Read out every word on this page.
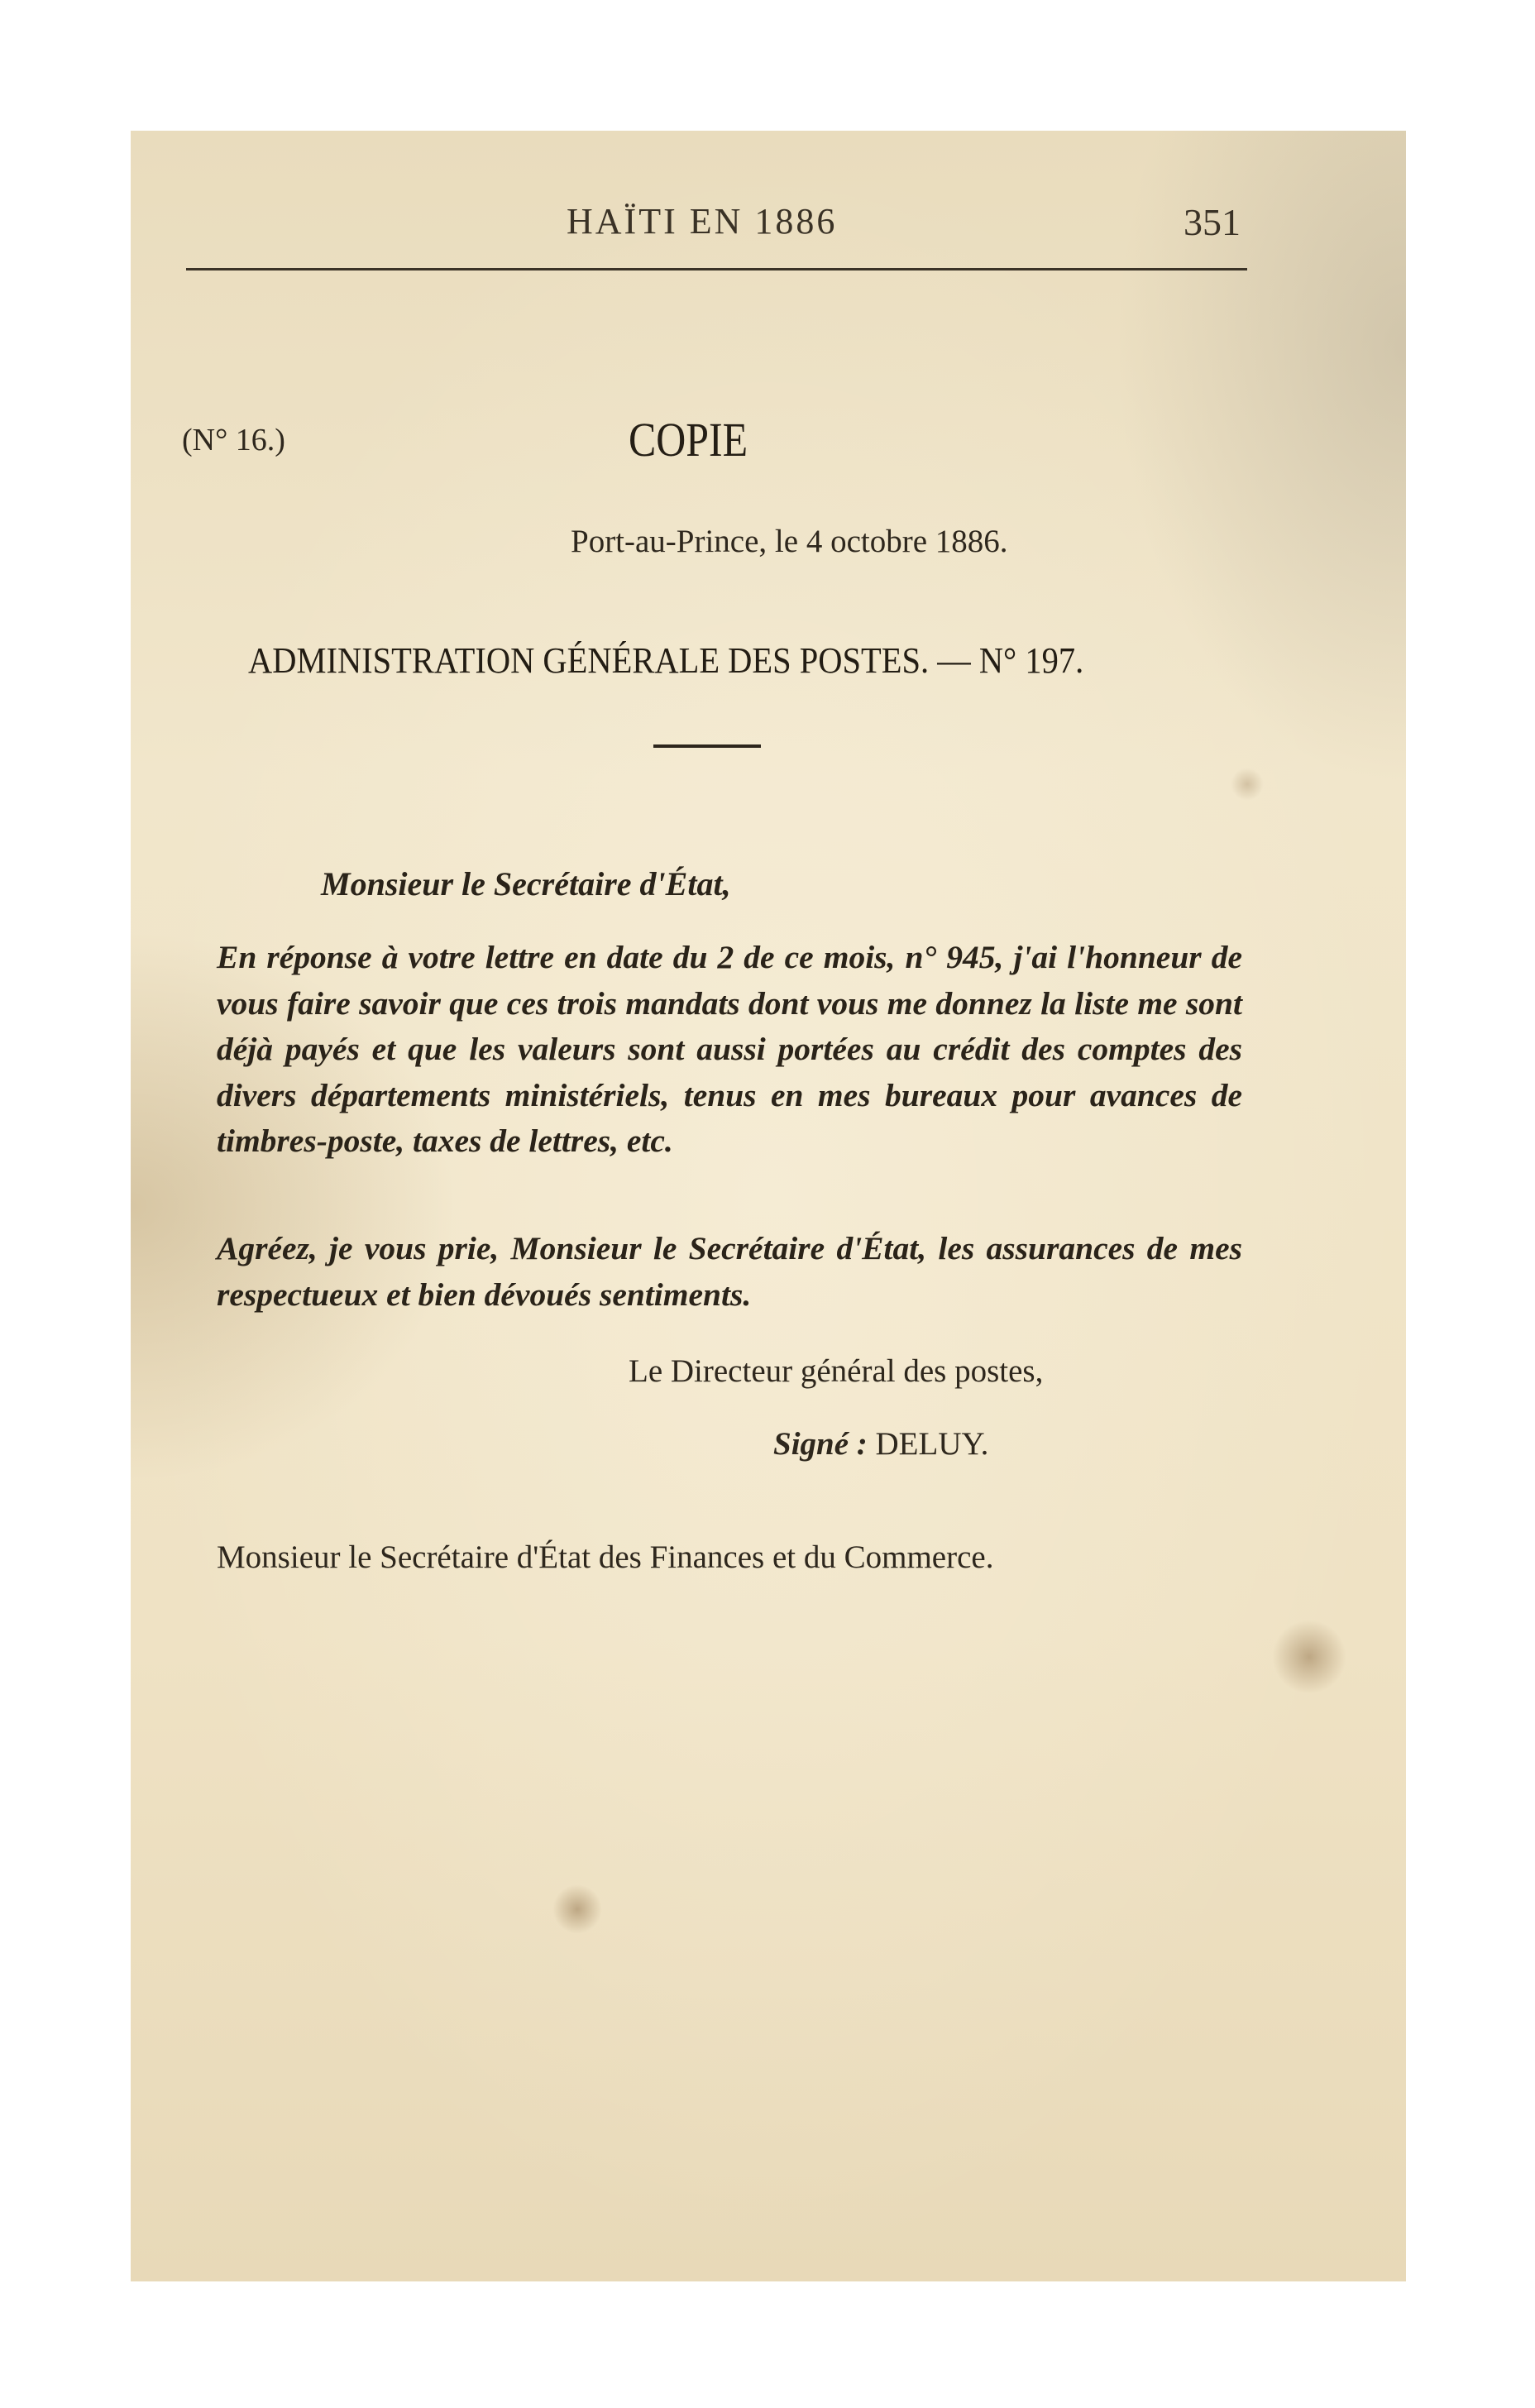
HAÏTI EN 1886	351
(N° 16.)	COPIE
Port-au-Prince, le 4 octobre 1886.
ADMINISTRATION GÉNÉRALE DES POSTES. — N° 197.
Monsieur le Secrétaire d'État,
En réponse à votre lettre en date du 2 de ce mois, n° 945, j'ai l'honneur de vous faire savoir que ces trois mandats dont vous me donnez la liste me sont déjà payés et que les valeurs sont aussi portées au crédit des comptes des divers départements ministériels, tenus en mes bureaux pour avances de timbres-poste, taxes de lettres, etc.
Agréez, je vous prie, Monsieur le Secrétaire d'État, les assurances de mes respectueux et bien dévoués sentiments.
Le Directeur général des postes,
Signé : DELUY.
Monsieur le Secrétaire d'État des Finances et du Commerce.
